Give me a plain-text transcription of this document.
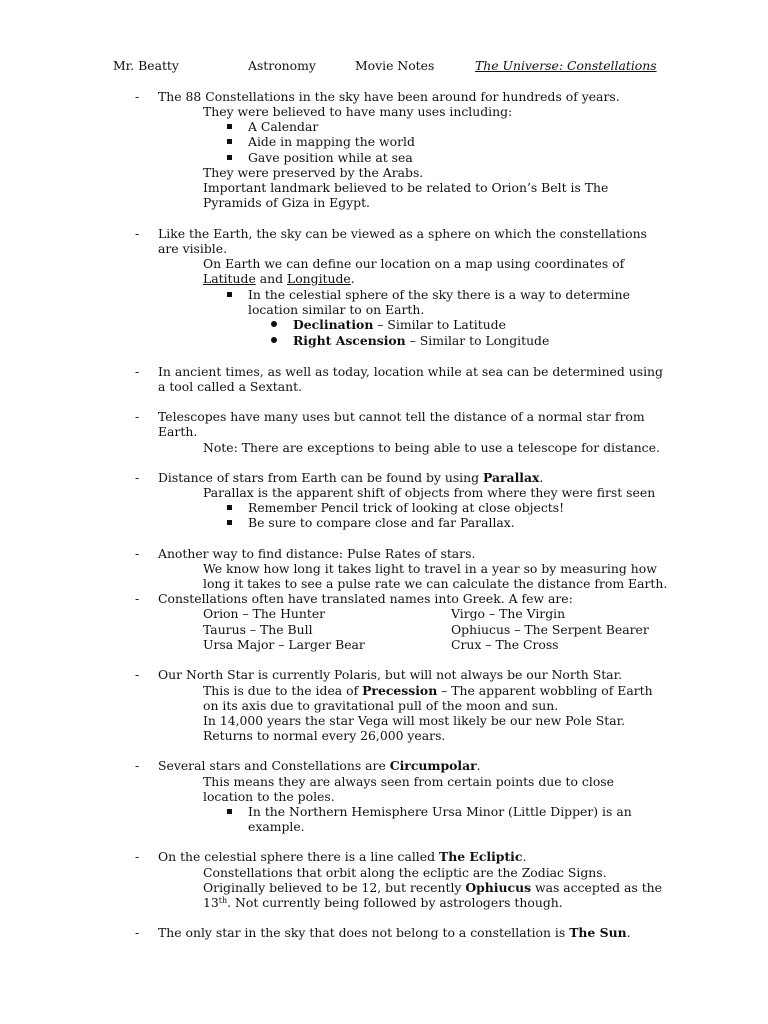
Mr. Beatty	Astronomy	Movie Notes	The Universe: Constellations
- The 88 Constellations in the sky have been around for hundreds of years.
They were believed to have many uses including:
A Calendar
Aide in mapping the world
Gave position while at sea
They were preserved by the Arabs.
Important landmark believed to be related to Orion’s Belt is The
Pyramids of Giza in Egypt.
- Like the Earth, the sky can be viewed as a sphere on which the constellations
are visible.
On Earth we can define our location on a map using coordinates of
Latitude and Longitude.
In the celestial sphere of the sky there is a way to determine
location similar to on Earth.
Declination – Similar to Latitude
Right Ascension – Similar to Longitude
- In ancient times, as well as today, location while at sea can be determined using
a tool called a Sextant.
- Telescopes have many uses but cannot tell the distance of a normal star from
Earth.
Note: There are exceptions to being able to use a telescope for distance.
- Distance of stars from Earth can be found by using Parallax.
Parallax is the apparent shift of objects from where they were first seen
Remember Pencil trick of looking at close objects!
Be sure to compare close and far Parallax.
- Another way to find distance: Pulse Rates of stars.
We know how long it takes light to travel in a year so by measuring how
long it takes to see a pulse rate we can calculate the distance from Earth.
- Constellations often have translated names into Greek. A few are:
Orion – The Hunter	Virgo – The Virgin
Taurus – The Bull	Ophiucus – The Serpent Bearer
Ursa Major – Larger Bear	Crux – The Cross
- Our North Star is currently Polaris, but will not always be our North Star.
This is due to the idea of Precession – The apparent wobbling of Earth
on its axis due to gravitational pull of the moon and sun.
In 14,000 years the star Vega will most likely be our new Pole Star.
Returns to normal every 26,000 years.
- Several stars and Constellations are Circumpolar.
This means they are always seen from certain points due to close
location to the poles.
In the Northern Hemisphere Ursa Minor (Little Dipper) is an
example.
- On the celestial sphere there is a line called The Ecliptic.
Constellations that orbit along the ecliptic are the Zodiac Signs.
Originally believed to be 12, but recently Ophiucus was accepted as the
13th. Not currently being followed by astrologers though.
- The only star in the sky that does not belong to a constellation is The Sun.
